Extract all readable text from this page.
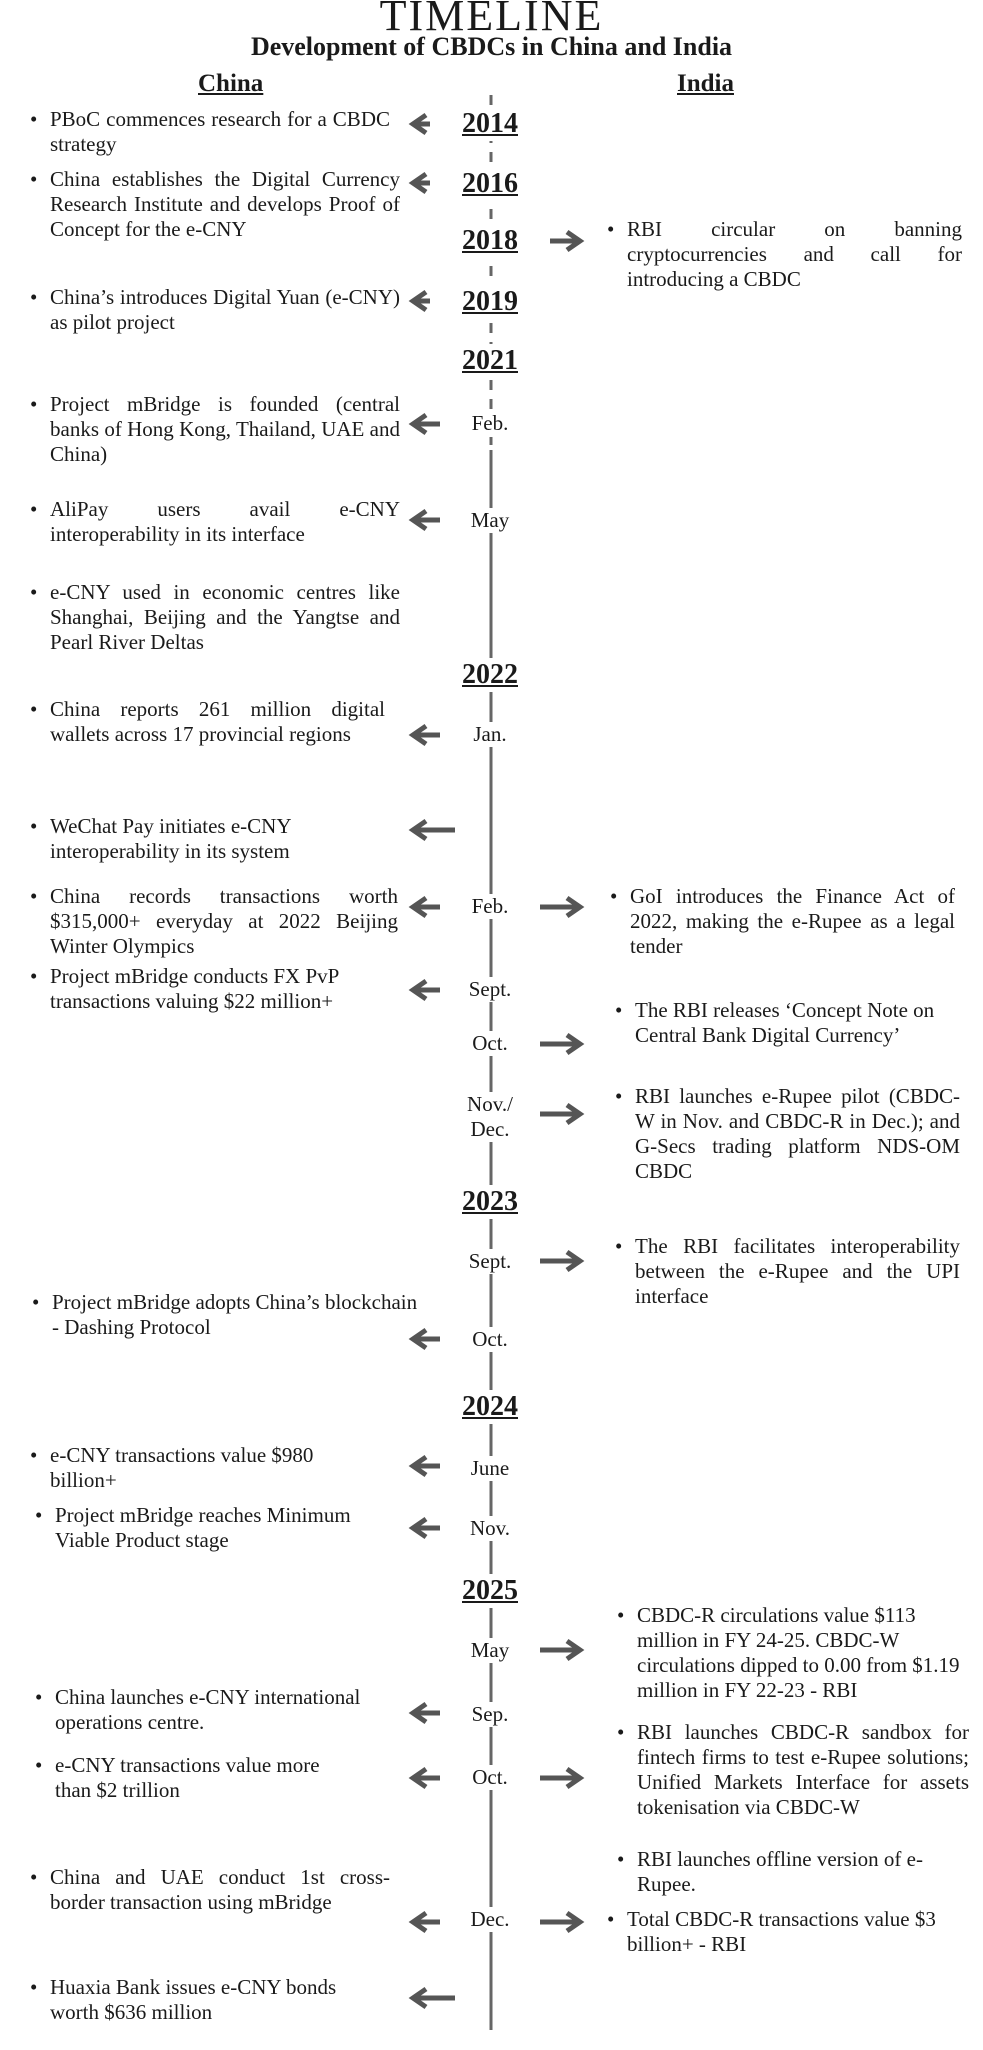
TIMELINE
Development of CBDCs in China and India
China	India
2014
2016
2018
2019
2021
Feb.
May
2022
Jan.
Feb.
Sept.
Oct.
Nov./
Dec.
2023
Sept.
Oct.
2024
June
Nov.
2025
May
Sep.
Oct.
Dec.
• PBoC commences research for a CBDC strategy
• China establishes the Digital Currency Research Institute and develops Proof of Concept for the e-CNY
• China’s introduces Digital Yuan (e-CNY) as pilot project
• Project mBridge is founded (central banks of Hong Kong, Thailand, UAE and China)
• AliPay users avail e-CNY interoperability in its interface
• e-CNY used in economic centres like Shanghai, Beijing and the Yangtse and Pearl River Deltas
• China reports 261 million digital wallets across 17 provincial regions
• WeChat Pay initiates e-CNY interoperability in its system
• China records transactions worth $315,000+ everyday at 2022 Beijing Winter Olympics
• Project mBridge conducts FX PvP transactions valuing $22 million+
• Project mBridge adopts China’s blockchain - Dashing Protocol
• e-CNY transactions value $980 billion+
• Project mBridge reaches Minimum Viable Product stage
• China launches e-CNY international operations centre.
• e-CNY transactions value more than $2 trillion
• China and UAE conduct 1st cross-border transaction using mBridge
• Huaxia Bank issues e-CNY bonds worth $636 million
• RBI circular on banning cryptocurrencies and call for introducing a CBDC
• GoI introduces the Finance Act of 2022, making the e-Rupee as a legal tender
• The RBI releases ‘Concept Note on Central Bank Digital Currency’
• RBI launches e-Rupee pilot (CBDC-W in Nov. and CBDC-R in Dec.); and G-Secs trading platform NDS-OM CBDC
• The RBI facilitates interoperability between the e-Rupee and the UPI interface
• CBDC-R circulations value $113 million in FY 24-25. CBDC-W circulations dipped to 0.00 from $1.19 million in FY 22-23 - RBI
• RBI launches CBDC-R sandbox for fintech firms to test e-Rupee solutions; Unified Markets Interface for assets tokenisation via CBDC-W
• RBI launches offline version of e-Rupee.
• Total CBDC-R transactions value $3 billion+ - RBI
